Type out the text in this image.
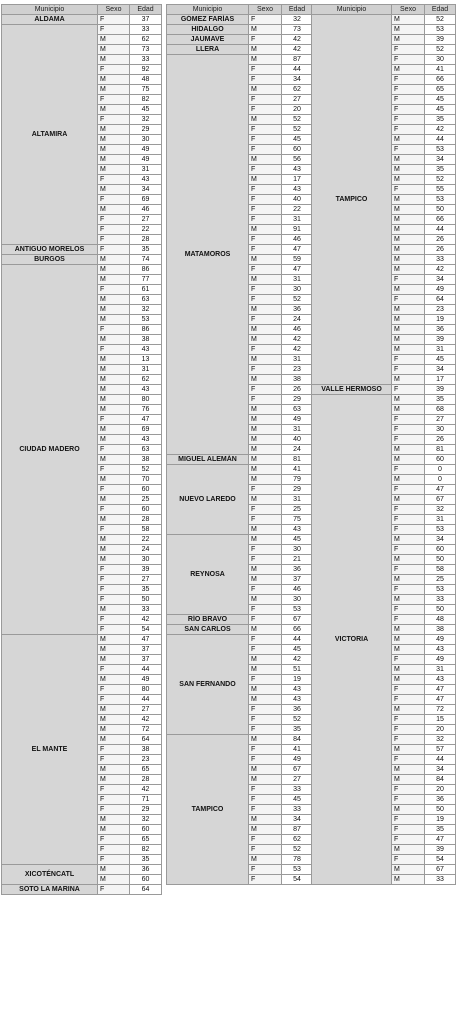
Municipio	Sexo	Edad
ALDAMA	F	37
ALTAMIRA	F	33
	M	62
	M	73
	M	33
	F	92
	M	48
	M	75
	F	82
	M	45
	F	32
	M	29
	M	30
	M	49
	M	49
	M	31
	F	43
	M	34
	F	69
	M	46
	F	27
	F	22
	F	28
ANTIGUO MORELOS	F	35
BURGOS	M	74
CIUDAD MADERO	M	86
	M	77
	F	61
	M	63
	M	32
	M	53
	F	86
	M	38
	F	43
	M	13
	M	31
	M	62
	M	43
	M	80
	M	76
	F	47
	M	69
	M	43
	F	63
	M	38
	F	52
	M	70
	F	60
	M	25
	F	60
	M	28
	F	58
	M	22
	M	24
	M	30
	F	39
	F	27
	F	35
	F	50
	M	33
	F	42
	F	54
EL MANTE	M	47
	M	37
	M	37
	F	44
	M	49
	F	80
	F	44
	M	27
	M	42
	M	72
	M	64
	F	38
	F	23
	M	65
	M	28
	F	42
	F	71
	F	29
	M	32
	M	60
	F	65
	F	82
	F	35
XICOTÉNCATL	M	36
	M	60
SOTO LA MARINA	F	64
Municipio	Sexo	Edad
GÓMEZ FARÍAS	F	32
HIDALGO	M	73
JAUMAVE	F	42
LLERA	M	42
MATAMOROS	M	87
	F	44
	F	34
	M	62
	F	27
	F	20
	M	52
	F	52
	F	45
	F	60
	M	56
	F	43
	M	17
	F	43
	F	40
	F	22
	F	31
	M	91
	F	46
	F	47
	M	59
	F	47
	M	31
	F	30
	F	52
	M	36
	F	24
	M	46
	M	42
	F	42
	M	31
	F	23
	M	38
	F	26
	F	29
	M	63
	M	49
	M	31
	M	40
	M	24
MIGUEL ALEMÁN	M	81
NUEVO LAREDO	M	41
	M	79
	F	29
	M	31
	F	25
	F	75
	M	43
REYNOSA	M	45
	F	30
	F	21
	M	36
	M	37
	F	46
	M	30
	F	53
RÍO BRAVO	F	67
SAN CARLOS	M	66
SAN FERNANDO	F	44
	F	45
	M	42
	M	51
	F	19
	M	43
	M	43
	F	36
	F	52
	F	35
TAMPICO	M	84
	F	41
	F	49
	M	67
	M	27
	F	33
	F	45
	F	33
	M	34
	M	87
	F	62
	F	52
	M	78
	F	53
	F	54
Municipio	Sexo	Edad
TAMPICO	M	52
	M	53
	M	39
	F	52
	F	30
	M	41
	F	66
	F	65
	F	45
	F	45
	F	35
	F	42
	M	44
	F	53
	M	34
	M	35
	M	52
	F	55
	M	53
	M	50
	M	66
	M	44
	M	26
	M	26
	M	33
	M	42
	F	34
	M	49
	F	64
	M	23
	M	19
	M	36
	M	39
	M	31
	F	45
	F	34
	M	17
VALLE HERMOSO	F	39
VICTORIA	M	35
	M	68
	F	27
	F	30
	F	26
	M	81
	M	60
	F	0
	M	0
	F	47
	M	67
	F	32
	F	31
	F	53
	M	34
	F	60
	M	50
	F	58
	M	25
	F	53
	M	33
	F	50
	F	48
	M	38
	M	49
	M	43
	F	49
	M	31
	M	43
	F	47
	F	47
	M	72
	F	15
	F	20
	F	32
	M	57
	F	44
	M	34
	M	84
	F	20
	F	36
	M	50
	F	19
	F	35
	F	47
	M	39
	F	54
	M	67
	M	33
